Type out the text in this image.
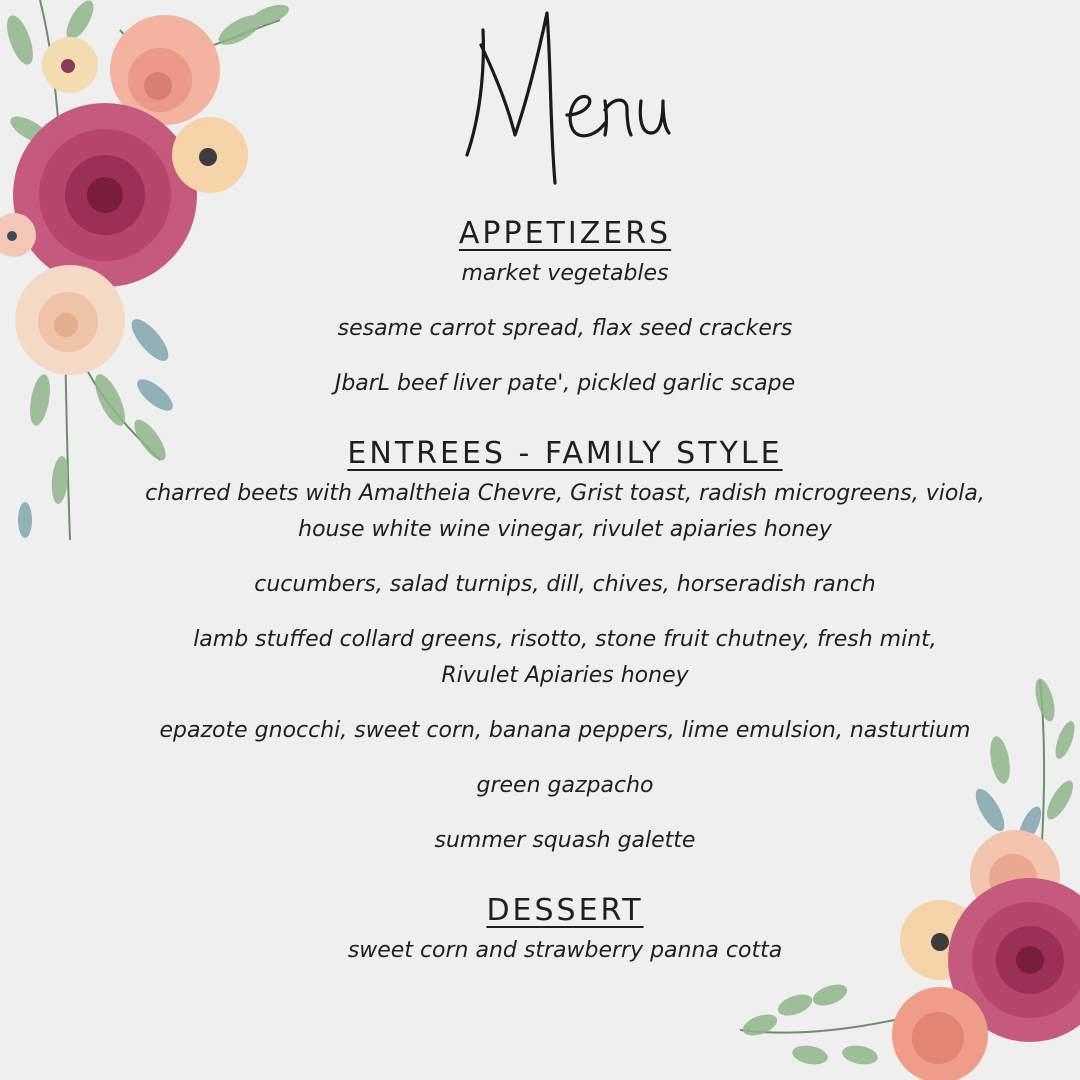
APPETIZERS

market vegetables

sesame carrot spread, flax seed crackers

JbarL beef liver pate', pickled garlic scape

ENTREES - FAMILY STYLE

charred beets with Amaltheia Chevre, Grist toast, radish microgreens, viola,

house white wine vinegar, rivulet apiaries honey

cucumbers, salad turnips, dill, chives, horseradish ranch

lamb stuffed collard greens, risotto, stone fruit chutney, fresh mint,

Rivulet Apiaries honey

epazote gnocchi, sweet corn, banana peppers, lime emulsion, nasturtium

green gazpacho

summer squash galette

DESSERT

sweet corn and strawberry panna cotta
